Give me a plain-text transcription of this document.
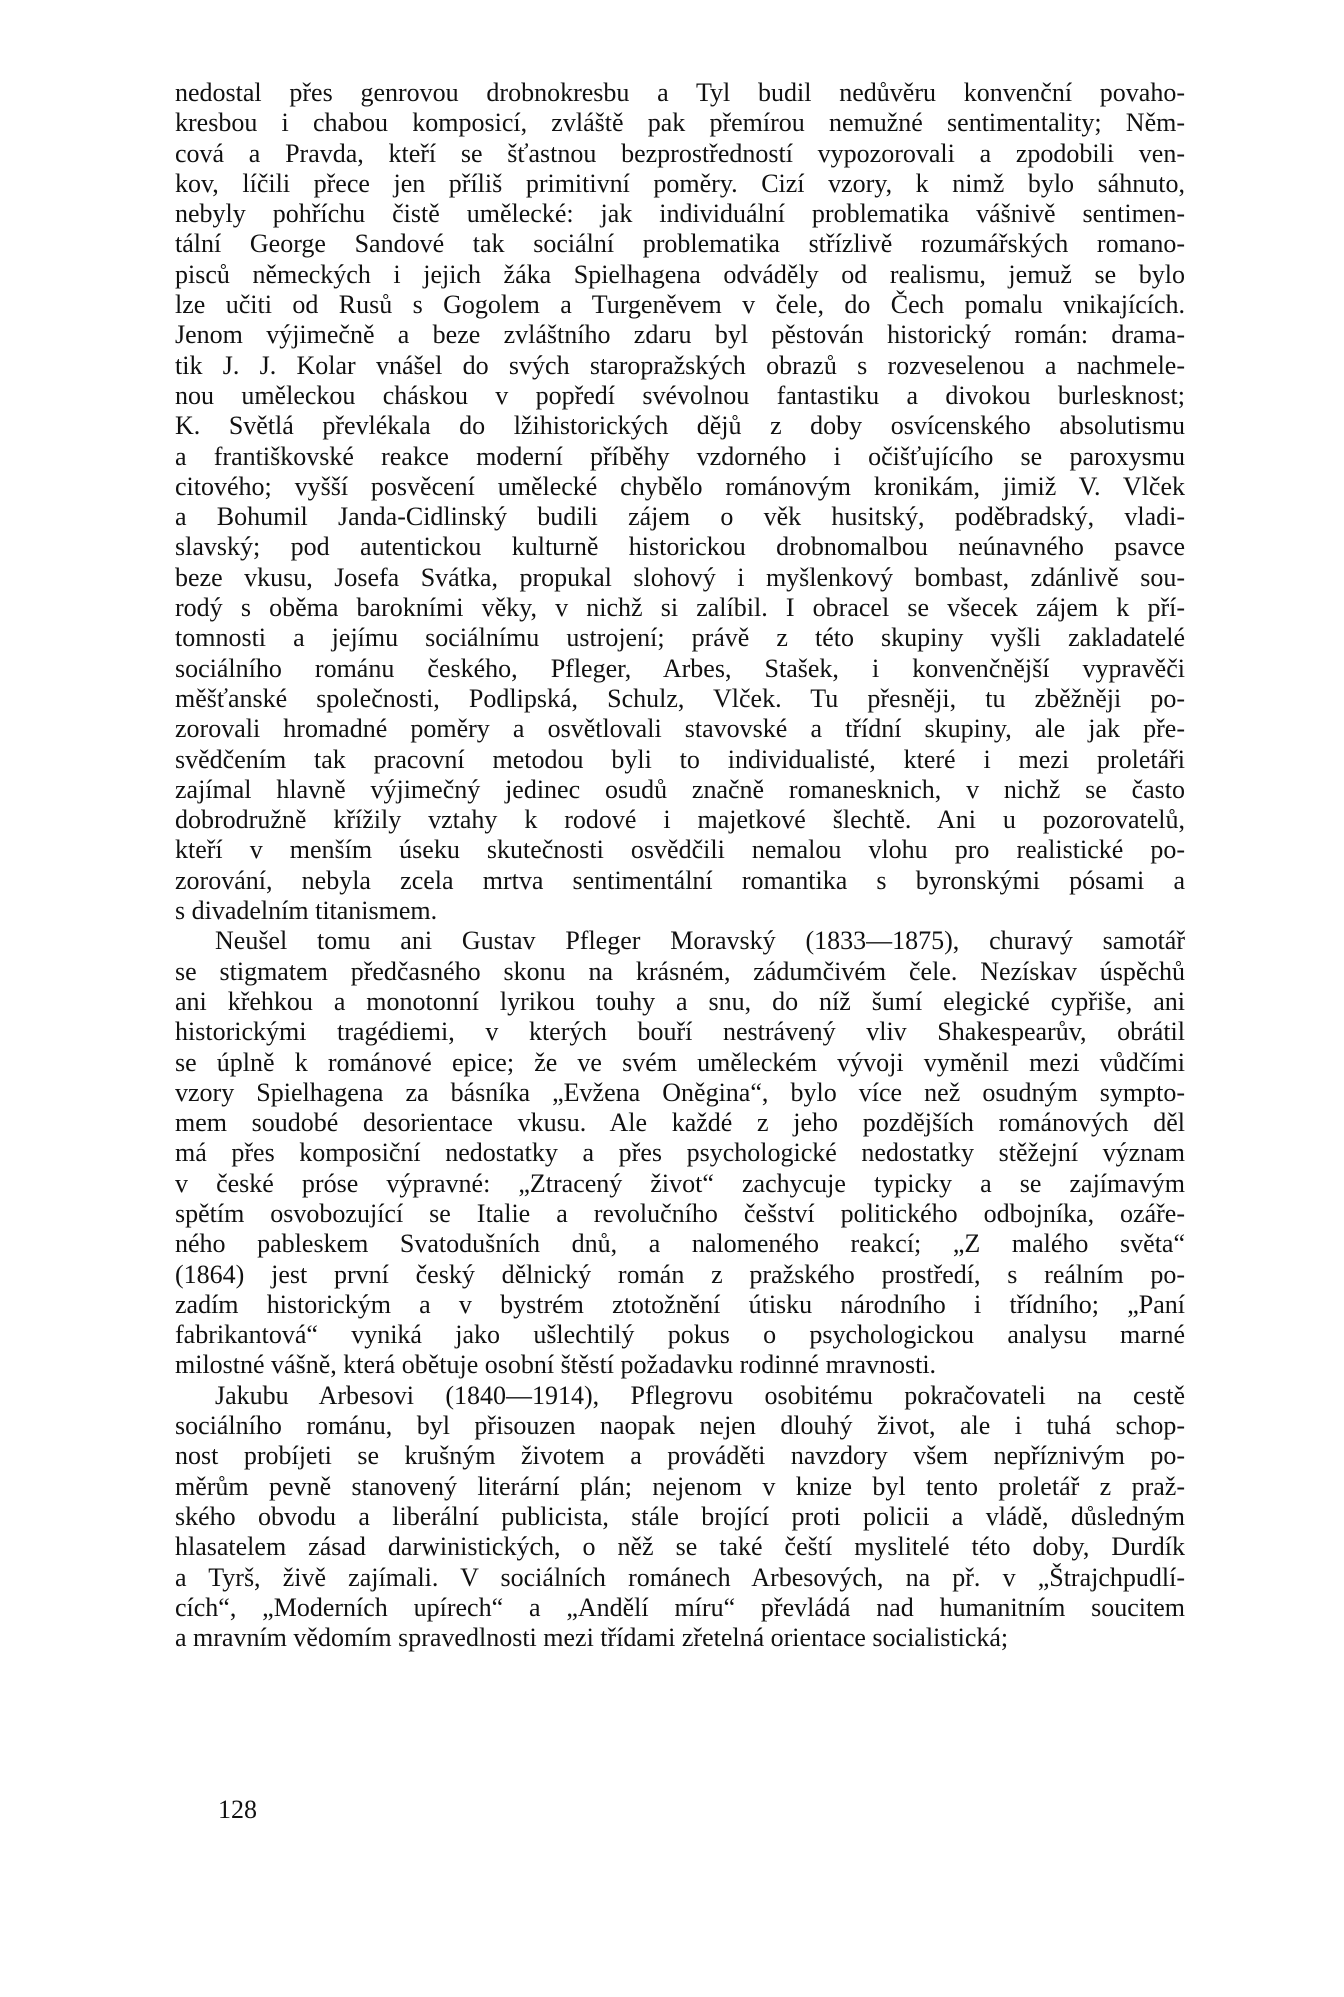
nedostal přes genrovou drobnokresbu a Tyl budil nedůvěru konvenční povaho-
kresbou i chabou komposicí, zvláště pak přemírou nemužné sentimentality; Něm-
cová a Pravda, kteří se šťastnou bezprostředností vypozorovali a zpodobili ven-
kov, líčili přece jen příliš primitivní poměry. Cizí vzory, k nimž bylo sáhnuto,
nebyly pohříchu čistě umělecké: jak individuální problematika vášnivě sentimen-
tální George Sandové tak sociální problematika střízlivě rozumářských romano-
pisců německých i jejich žáka Spielhagena odváděly od realismu, jemuž se bylo
lze učiti od Rusů s Gogolem a Turgeněvem v čele, do Čech pomalu vnikajících.
Jenom výjimečně a beze zvláštního zdaru byl pěstován historický román: drama-
tik J. J. Kolar vnášel do svých staropražských obrazů s rozveselenou a nachmele-
nou uměleckou cháskou v popředí svévolnou fantastiku a divokou burlesknost;
K. Světlá převlékala do lžihistorických dějů z doby osvícenského absolutismu
a františkovské reakce moderní příběhy vzdorného i očišťujícího se paroxysmu
citového; vyšší posvěcení umělecké chybělo románovým kronikám, jimiž V. Vlček
a Bohumil Janda-Cidlinský budili zájem o věk husitský, poděbradský, vladi-
slavský; pod autentickou kulturně historickou drobnomalbou neúnavného psavce
beze vkusu, Josefa Svátka, propukal slohový i myšlenkový bombast, zdánlivě sou-
rodý s oběma barokními věky, v nichž si zalíbil. I obracel se všecek zájem k pří-
tomnosti a jejímu sociálnímu ustrojení; právě z této skupiny vyšli zakladatelé
sociálního románu českého, Pfleger, Arbes, Stašek, i konvenčnější vypravěči
měšťanské společnosti, Podlipská, Schulz, Vlček. Tu přesněji, tu zběžněji po-
zorovali hromadné poměry a osvětlovali stavovské a třídní skupiny, ale jak pře-
svědčením tak pracovní metodou byli to individualisté, které i mezi proletáři
zajímal hlavně výjimečný jedinec osudů značně romanesknich, v nichž se často
dobrodružně křížily vztahy k rodové i majetkové šlechtě. Ani u pozorovatelů,
kteří v menším úseku skutečnosti osvědčili nemalou vlohu pro realistické po-
zorování, nebyla zcela mrtva sentimentální romantika s byronskými pósami a
s divadelním titanismem.
Neušel tomu ani Gustav Pfleger Moravský (1833—1875), churavý samotář
se stigmatem předčasného skonu na krásném, zádumčivém čele. Nezískav úspěchů
ani křehkou a monotonní lyrikou touhy a snu, do níž šumí elegické cypřiše, ani
historickými tragédiemi, v kterých bouří nestrávený vliv Shakespearův, obrátil
se úplně k románové epice; že ve svém uměleckém vývoji vyměnil mezi vůdčími
vzory Spielhagena za básníka „Evžena Oněgina“, bylo více než osudným sympto-
mem soudobé desorientace vkusu. Ale každé z jeho pozdějších románových děl
má přes komposiční nedostatky a přes psychologické nedostatky stěžejní význam
v české próse výpravné: „Ztracený život“ zachycuje typicky a se zajímavým
spětím osvobozující se Italie a revolučního češství politického odbojníka, ozáře-
ného pableskem Svatodušních dnů, a nalomeného reakcí; „Z malého světa“
(1864) jest první český dělnický román z pražského prostředí, s reálním po-
zadím historickým a v bystrém ztotožnění útisku národního i třídního; „Paní
fabrikantová“ vyniká jako ušlechtilý pokus o psychologickou analysu marné
milostné vášně, která obětuje osobní štěstí požadavku rodinné mravnosti.
Jakubu Arbesovi (1840—1914), Pflegrovu osobitému pokračovateli na cestě
sociálního románu, byl přisouzen naopak nejen dlouhý život, ale i tuhá schop-
nost probíjeti se krušným životem a prováděti navzdory všem nepříznivým po-
měrům pevně stanovený literární plán; nejenom v knize byl tento proletář z praž-
ského obvodu a liberální publicista, stále brojící proti policii a vládě, důsledným
hlasatelem zásad darwinistických, o něž se také čeští myslitelé této doby, Durdík
a Tyrš, živě zajímali. V sociálních románech Arbesových, na př. v „Štrajchpudlí-
cích“, „Moderních upírech“ a „Andělí míru“ převládá nad humanitním soucitem
a mravním vědomím spravedlnosti mezi třídami zřetelná orientace socialistická;
128
